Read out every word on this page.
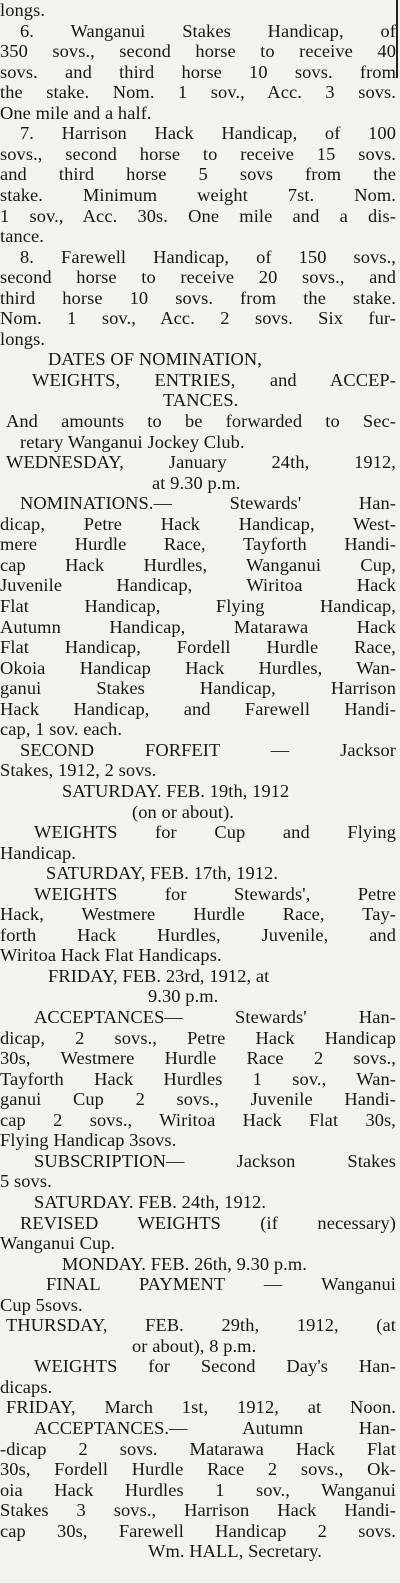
longs.
6. Wanganui Stakes Handicap, of
350 sovs., second horse to receive 40
sovs. and third horse 10 sovs. from
the stake. Nom. 1 sov., Acc. 3 sovs.
One mile and a half.
7. Harrison Hack Handicap, of 100
sovs., second horse to receive 15 sovs.
and third horse 5 sovs from the
stake. Minimum weight 7st. Nom.
1 sov., Acc. 30s. One mile and a dis-
tance.
8. Farewell Handicap, of 150 sovs.,
second horse to receive 20 sovs., and
third horse 10 sovs. from the stake.
Nom. 1 sov., Acc. 2 sovs. Six fur-
longs.
DATES OF NOMINATION,
WEIGHTS, ENTRIES, and ACCEP-
TANCES.
And amounts to be forwarded to Sec-
retary Wanganui Jockey Club.
WEDNESDAY, January 24th, 1912,
at 9.30 p.m.
NOMINATIONS.— Stewards' Han-
dicap, Petre Hack Handicap, West-
mere Hurdle Race, Tayforth Handi-
cap Hack Hurdles, Wanganui Cup,
Juvenile Handicap, Wiritoa Hack
Flat Handicap, Flying Handicap,
Autumn Handicap, Matarawa Hack
Flat Handicap, Fordell Hurdle Race,
Okoia Handicap Hack Hurdles, Wan-
ganui Stakes Handicap, Harrison
Hack Handicap, and Farewell Handi-
cap, 1 sov. each.
SECOND FORFEIT — Jacksor
Stakes, 1912, 2 sovs.
SATURDAY. FEB. 19th, 1912
(on or about).
WEIGHTS for Cup and Flying
Handicap.
SATURDAY, FEB. 17th, 1912.
WEIGHTS for Stewards', Petre
Hack, Westmere Hurdle Race, Tay-
forth Hack Hurdles, Juvenile, and
Wiritoa Hack Flat Handicaps.
FRIDAY, FEB. 23rd, 1912, at
9.30 p.m.
ACCEPTANCES— Stewards' Han-
dicap, 2 sovs., Petre Hack Handicap
30s, Westmere Hurdle Race 2 sovs.,
Tayforth Hack Hurdles 1 sov., Wan-
ganui Cup 2 sovs., Juvenile Handi-
cap 2 sovs., Wiritoa Hack Flat 30s,
Flying Handicap 3sovs.
SUBSCRIPTION— Jackson Stakes
5 sovs.
SATURDAY. FEB. 24th, 1912.
REVISED WEIGHTS (if necessary)
Wanganui Cup.
MONDAY. FEB. 26th, 9.30 p.m.
FINAL PAYMENT — Wanganui
Cup 5sovs.
THURSDAY, FEB. 29th, 1912, (at
or about), 8 p.m.
WEIGHTS for Second Day's Han-
dicaps.
FRIDAY, March 1st, 1912, at Noon.
ACCEPTANCES.— Autumn Han-
-dicap 2 sovs. Matarawa Hack Flat
30s, Fordell Hurdle Race 2 sovs., Ok-
oia Hack Hurdles 1 sov., Wanganui
Stakes 3 sovs., Harrison Hack Handi-
cap 30s, Farewell Handicap 2 sovs.
Wm. HALL, Secretary.
